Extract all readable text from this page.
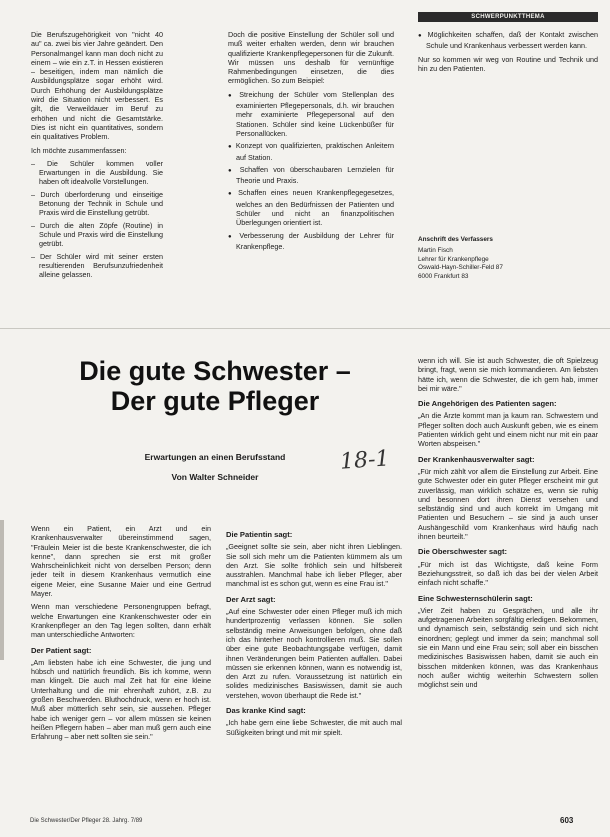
SCHWERPUNKTTHEMA

Die Berufszugehörigkeit von "nicht 40 au" ca. zwei bis vier Jahre geändert. Den Personalmangel kann man doch nicht zu einem – wie ein z.T. in Hessen existieren – beseitigen, indem man nämlich die Ausbildungsplätze sogar erhöht wird. Durch Erhöhung der Ausbildungsplätze wird die Situation nicht verbessert. Es gilt, die Verweildauer im Beruf zu erhöhen und nicht die Gesamtstärke. Dies ist nicht ein quantitatives, sondern ein qualitatives Problem.

Ich möchte zusammenfassen:

– Die Schüler kommen voller Erwartungen in die Ausbildung. Sie haben oft idealvolle Vorstellungen.
– Durch überforderung und einseitige Betonung der Technik in Schule und Praxis wird die Einstellung getrübt.
– Durch die alten Zöpfe (Routine) in Schule und Praxis wird die Einstellung getrübt.
– Der Schüler wird mit seiner ersten resultierenden Berufsunzufriedenheit alleine gelassen.

Doch die positive Einstellung der Schüler soll und muß weiter erhalten werden, denn wir brauchen qualifizierte Krankenpflegepersonen für die Zukunft. Wir müssen uns deshalb für vernünftige Rahmenbedingungen einsetzen, die dies ermöglichen. So zum Beispiel:

● Streichung der Schüler vom Stellenplan des examinierten Pflegepersonals, d.h. wir brauchen mehr examinierte Pflegepersonal auf den Stationen. Schüler sind keine Lückenbüßer für Personallücken.
● Konzept von qualifizierten, praktischen Anleitern auf Station.
● Schaffen von überschaubaren Lernzielen für Theorie und Praxis.
● Schaffen eines neuen Krankenpflegegesetzes, welches an den Bedürfnissen der Patienten und Schüler und nicht an finanzpolitischen Überlegungen orientiert ist.
● Verbesserung der Ausbildung der Lehrer für Krankenpflege.
● Möglichkeiten schaffen, daß der Kontakt zwischen Schule und Krankenhaus verbessert werden kann.

Nur so kommen wir weg von Routine und Technik und hin zu den Patienten.

Anschrift des Verfassers
Martin Fisch
Lehrer für Krankenpflege
Oswald-Hayn-Schiller-Feld 87
6000 Frankfurt 83
Die gute Schwester –
Der gute Pfleger
Erwartungen an einen Berufsstand
Von Walter Schneider
18-1

Wenn ein Patient, ein Arzt und ein Krankenhausverwalter übereinstimmend sagen, "Fräulein Meier ist die beste Krankenschwester, die ich kenne", dann sprechen sie erst mit großer Wahrscheinlichkeit nicht von derselben Person; denn jeder teilt in diesem Krankenhaus vermutlich eine eigene Meier, eine Susanne Maier und eine Gertrud Mayer.

Wenn man verschiedene Personengruppen befragt, welche Erwartungen eine Krankenschwester oder ein Krankenpfleger an den Tag legen sollten, dann erhält man unterschiedliche Antworten:

Der Patient sagt:

„Am liebsten habe ich eine Schwester, die jung und hübsch und natürlich freundlich. Bis ich komme, wenn man klingelt. Die auch mal Zeit hat für eine kleine Unterhaltung und die mir ehrenhaft zuhört, z.B. zu großen Beschwerden. Bluthochdruck, wenn er hoch ist. Muß aber mütterlich sehr sein, sie aussehen. Pfleger habe ich weniger gern – vor allem müssen sie keinen heißen Pflegern haben – aber man muß gern auch eine Erfahrung – aber nett sollten sie sein."

Die Patientin sagt:

„Geeignet sollte sie sein, aber nicht ihren Lieblingen. Sie soll sich mehr um die Patienten kümmern als um den Arzt. Sie sollte fröhlich sein und hilfsbereit ausstrahlen. Manchmal habe ich lieber Pfleger, aber manchmal ist es schon gut, wenn es eine Frau ist."

Der Arzt sagt:

„Auf eine Schwester oder einen Pfleger muß ich mich hundertprozentig verlassen können. Sie sollen selbständig meine Anweisungen befolgen, ohne daß ich das hinterher noch kontrollieren muß. Sie sollen über eine gute Beobachtungsgabe verfügen, damit ihnen Veränderungen beim Patienten auffallen. Dabei müssen sie erkennen können, wann es notwendig ist, den Arzt zu rufen. Voraussetzung ist natürlich ein solides medizinisches Basiswissen, damit sie auch verstehen, wovon überhaupt die Rede ist."

Das kranke Kind sagt:

„Ich habe gern eine liebe Schwester, die mit auch mal Süßigkeiten bringt und mit mir spielt.

wenn ich will. Sie ist auch Schwester, die oft Spielzeug bringt, fragt, wenn sie mich kommandieren. Am liebsten hätte ich, wenn die Schwester, die ich gern hab, immer bei mir wäre."

Die Angehörigen des Patienten sagen:

„An die Ärzte kommt man ja kaum ran. Schwestern und Pfleger sollten doch auch Auskunft geben, wie es einem Patienten wirklich geht und einem nicht nur mit ein paar Worten abspeisen."

Der Krankenhausverwalter sagt:

„Für mich zählt vor allem die Einstellung zur Arbeit. Eine gute Schwester oder ein guter Pfleger erscheint mir gut zuverlässig, man wirklich schätze es, wenn sie ruhig und besonnen dort ihren Dienst versehen und selbständig sind und auch korrekt im Umgang mit Patienten und Besuchern – sie sind ja auch unser Aushängeschild vom Krankenhaus wird häufig nach ihnen beurteilt."

Die Oberschwester sagt:

„Für mich ist das Wichtigste, daß keine Form Beziehungsstreit, so daß ich das bei der vielen Arbeit einfach nicht schaffe."

Eine Schwesternschülerin sagt:

„Vier Zeit haben zu Gesprächen, und alle ihr aufgetragenen Arbeiten sorgfältig erledigen. Bekommen, und dynamisch sein, selbständig sein und sich nicht einordnen; geplegt und immer da sein; manchmal soll sie ein Mann und eine Frau sein; soll aber ein bisschen medizinisches Basiswissen haben, damit sie auch ein bisschen mitdenken können, was das Krankenhaus noch außer wichtig weiterhin Schwestern sollen möglichst sein und

Die Schwester/Der Pfleger 28. Jahrg. 7/89	603
